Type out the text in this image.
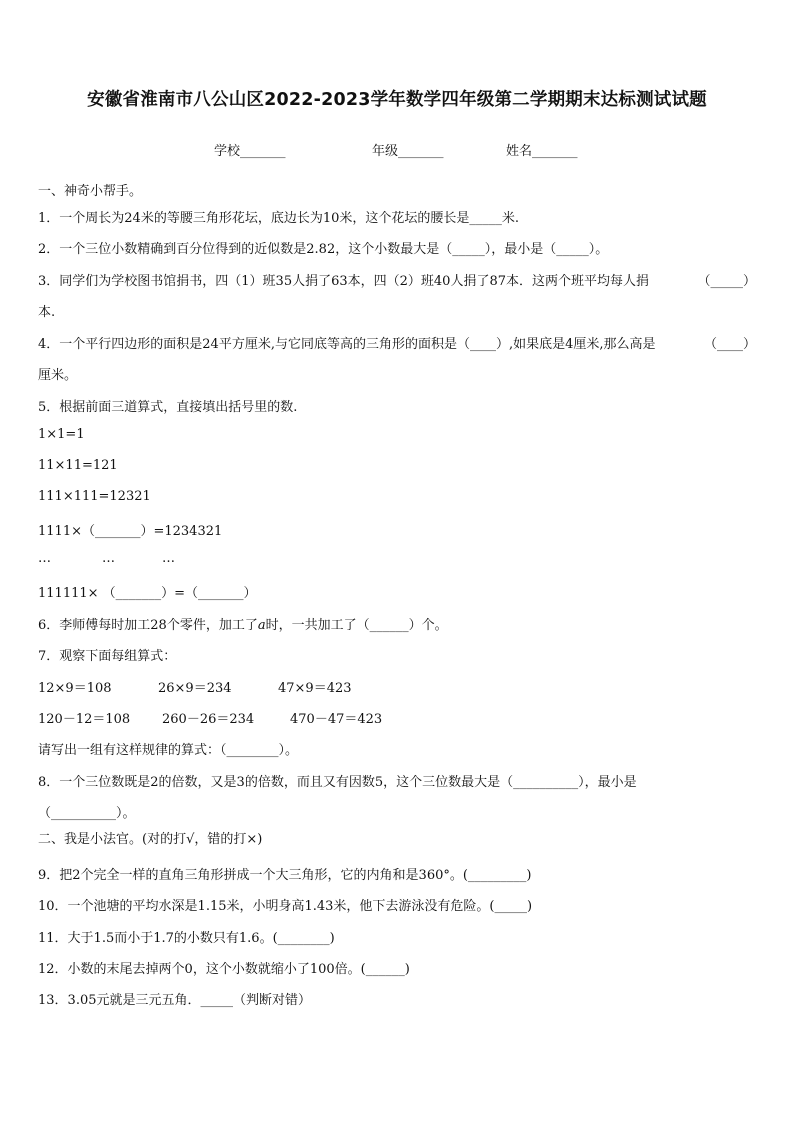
安徽省淮南市八公山区2022-2023学年数学四年级第二学期期末达标测试试题
学校_______	年级_______	姓名_______
一、神奇小帮手。
1．一个周长为24米的等腰三角形花坛，底边长为10米，这个花坛的腰长是_____米.
2．一个三位小数精确到百分位得到的近似数是2.82，这个小数最大是（_____），最小是（_____）。
3．同学们为学校图书馆捐书，四（1）班35人捐了63本，四（2）班40人捐了87本．这两个班平均每人捐	（_____）
本.
4．一个平行四边形的面积是24平方厘米,与它同底等高的三角形的面积是（____）,如果底是4厘米,那么高是	（____）
厘米。
5．根据前面三道算式，直接填出括号里的数.
1×1=1
11×11=121
111×111=12321
1111×（_______）=1234321
…	…	…
111111× （_______）=（_______）
6．李师傅每时加工28个零件，加工了a时，一共加工了（______）个。
7．观察下面每组算式：
12×9＝108	26×9＝234	47×9＝423
120－12＝108 260－26＝234	470－47＝423
请写出一组有这样规律的算式：（________）。
8．一个三位数既是2的倍数，又是3的倍数，而且又有因数5，这个三位数最大是（__________），最小是
（__________）。
二、我是小法官。(对的打√，错的打×)
9．把2个完全一样的直角三角形拼成一个大三角形，它的内角和是360°。(_________)
10．一个池塘的平均水深是1.15米，小明身高1.43米，他下去游泳没有危险。(_____)
11．大于1.5而小于1.7的小数只有1.6。(________)
12．小数的末尾去掉两个0，这个小数就缩小了100倍。(______)
13．3.05元就是三元五角．_____（判断对错）
